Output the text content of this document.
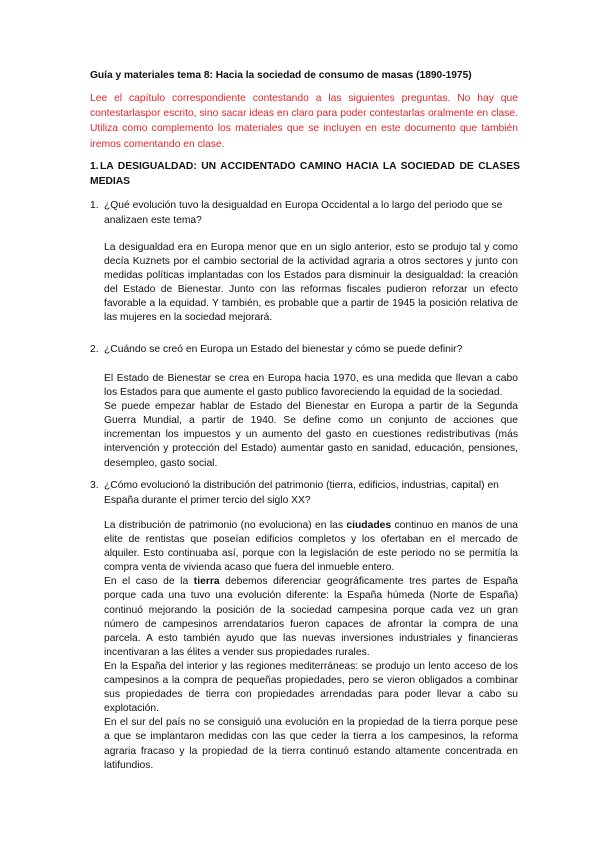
Guía y materiales tema 8: Hacia la sociedad de consumo de masas (1890-1975)
Lee el capítulo correspondiente contestando a las siguientes preguntas. No hay que contestarlaspor escrito, sino sacar ideas en claro para poder contestarlas oralmente en clase. Utiliza como complemento los materiales que se incluyen en este documento que también iremos comentando en clase.
1.LA DESIGUALDAD: UN ACCIDENTADO CAMINO HACIA LA SOCIEDAD DE CLASES MEDIAS
1. ¿Qué evolución tuvo la desigualdad en Europa Occidental a lo largo del periodo que se analizaen este tema?

La desigualdad era en Europa menor que en un siglo anterior, esto se produjo tal y como decía Kuznets por el cambio sectorial de la actividad agraria a otros sectores y junto con medidas políticas implantadas con los Estados para disminuir la desigualdad: la creación del Estado de Bienestar. Junto con las reformas fiscales pudieron reforzar un efecto favorable a la equidad. Y también, es probable que a partir de 1945 la posición relativa de las mujeres en la sociedad mejorará.

2. ¿Cuándo se creó en Europa un Estado del bienestar y cómo se puede definir?

El Estado de Bienestar se crea en Europa hacia 1970, es una medida que llevan a cabo los Estados para que aumente el gasto publico favoreciendo la equidad de la sociedad.

Se puede empezar hablar de Estado del Bienestar en Europa a partir de la Segunda Guerra Mundial, a partir de 1940. Se define como un conjunto de acciones que incrementan los impuestos y un aumento del gasto en cuestiones redistributivas (más intervención y protección del Estado) aumentar gasto en sanidad, educación, pensiones, desempleo, gasto social.

3. ¿Cómo evolucionó la distribución del patrimonio (tierra, edificios, industrias, capital) en España durante el primer tercio del siglo XX?

La distribución de patrimonio (no evoluciona) en las ciudades continuo en manos de una elite de rentistas que poseían edificios completos y los ofertaban en el mercado de alquiler. Esto continuaba así, porque con la legislación de este periodo no se permitía la compra venta de vivienda acaso que fuera del inmueble entero.

En el caso de la tierra debemos diferenciar geográficamente tres partes de España porque cada una tuvo una evolución diferente: la España húmeda (Norte de España) continuó mejorando la posición de la sociedad campesina porque cada vez un gran número de campesinos arrendatarios fueron capaces de afrontar la compra de una parcela. A esto también ayudo que las nuevas inversiones industriales y financieras incentivaran a las élites a vender sus propiedades rurales.

En la España del interior y las regiones mediterráneas: se produjo un lento acceso de los campesinos a la compra de pequeñas propiedades, pero se vieron obligados a combinar sus propiedades de tierra con propiedades arrendadas para poder llevar a cabo su explotación.

En el sur del país no se consiguió una evolución en la propiedad de la tierra porque pese a que se implantaron medidas con las que ceder la tierra a los campesinos, la reforma agraria fracaso y la propiedad de la tierra continuó estando altamente concentrada en latifundios.
